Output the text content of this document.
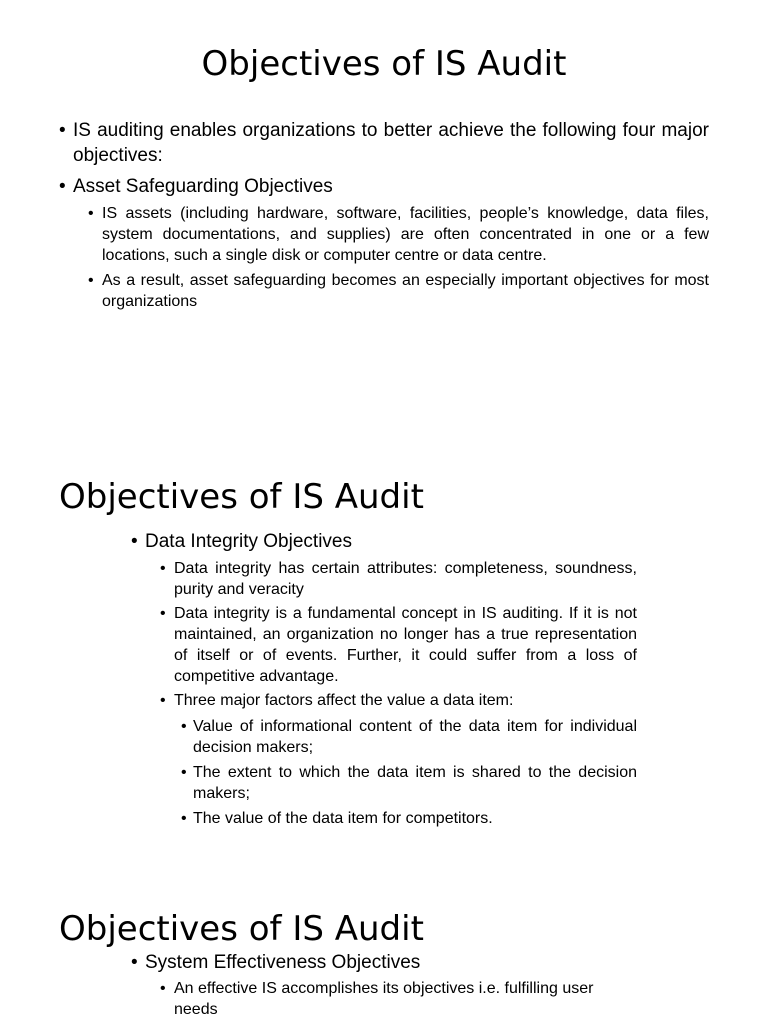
Objectives of IS Audit
• IS auditing enables organizations to better achieve the following four major objectives:
• Asset Safeguarding Objectives
• IS assets (including hardware, software, facilities, people’s knowledge, data files, system documentations, and supplies) are often concentrated in one or a few locations, such a single disk or computer centre or data centre.
• As a result, asset safeguarding becomes an especially important objectives for most organizations
Objectives of IS Audit
• Data Integrity Objectives
• Data integrity has certain attributes: completeness, soundness, purity and veracity
• Data integrity is a fundamental concept in IS auditing. If it is not maintained, an organization no longer has a true representation of itself or of events. Further, it could suffer from a loss of competitive advantage.
• Three major factors affect the value a data item:
• Value of informational content of the data item for individual decision makers;
• The extent to which the data item is shared to the decision makers;
• The value of the data item for competitors.
Objectives of IS Audit
• System Effectiveness Objectives
• An effective IS accomplishes its objectives i.e. fulfilling user needs
